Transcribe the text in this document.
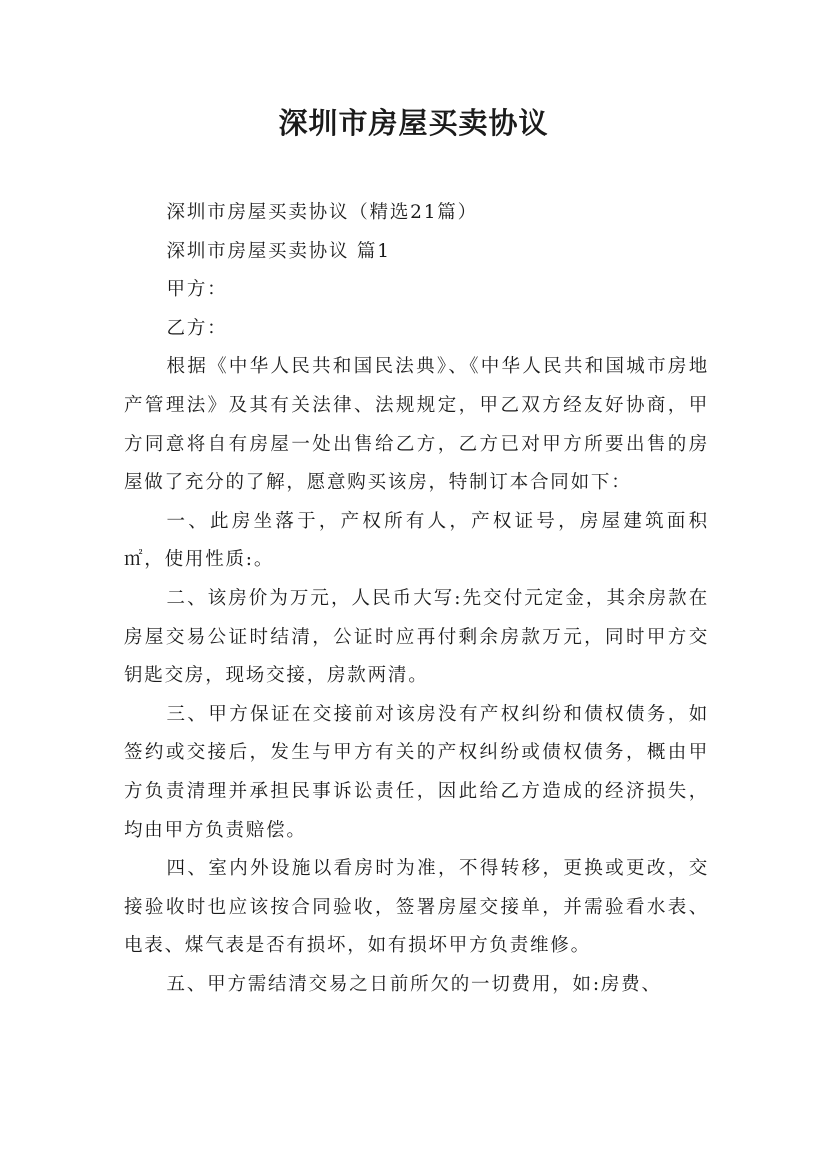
深圳市房屋买卖协议

深圳市房屋买卖协议（精选21篇）

深圳市房屋买卖协议 篇1

甲方：

乙方：

根据《中华人民共和国民法典》、《中华人民共和国城市房地产管理法》及其有关法律、法规规定，甲乙双方经友好协商，甲方同意将自有房屋一处出售给乙方，乙方已对甲方所要出售的房屋做了充分的了解，愿意购买该房，特制订本合同如下：

一、此房坐落于，产权所有人，产权证号，房屋建筑面积㎡，使用性质:。

二、该房价为万元，人民币大写:先交付元定金，其余房款在房屋交易公证时结清，公证时应再付剩余房款万元，同时甲方交钥匙交房，现场交接，房款两清。

三、甲方保证在交接前对该房没有产权纠纷和债权债务，如签约或交接后，发生与甲方有关的产权纠纷或债权债务，概由甲方负责清理并承担民事诉讼责任，因此给乙方造成的经济损失，均由甲方负责赔偿。

四、室内外设施以看房时为准，不得转移，更换或更改，交接验收时也应该按合同验收，签署房屋交接单，并需验看水表、电表、煤气表是否有损坏，如有损坏甲方负责维修。

五、甲方需结清交易之日前所欠的一切费用，如:房费、
